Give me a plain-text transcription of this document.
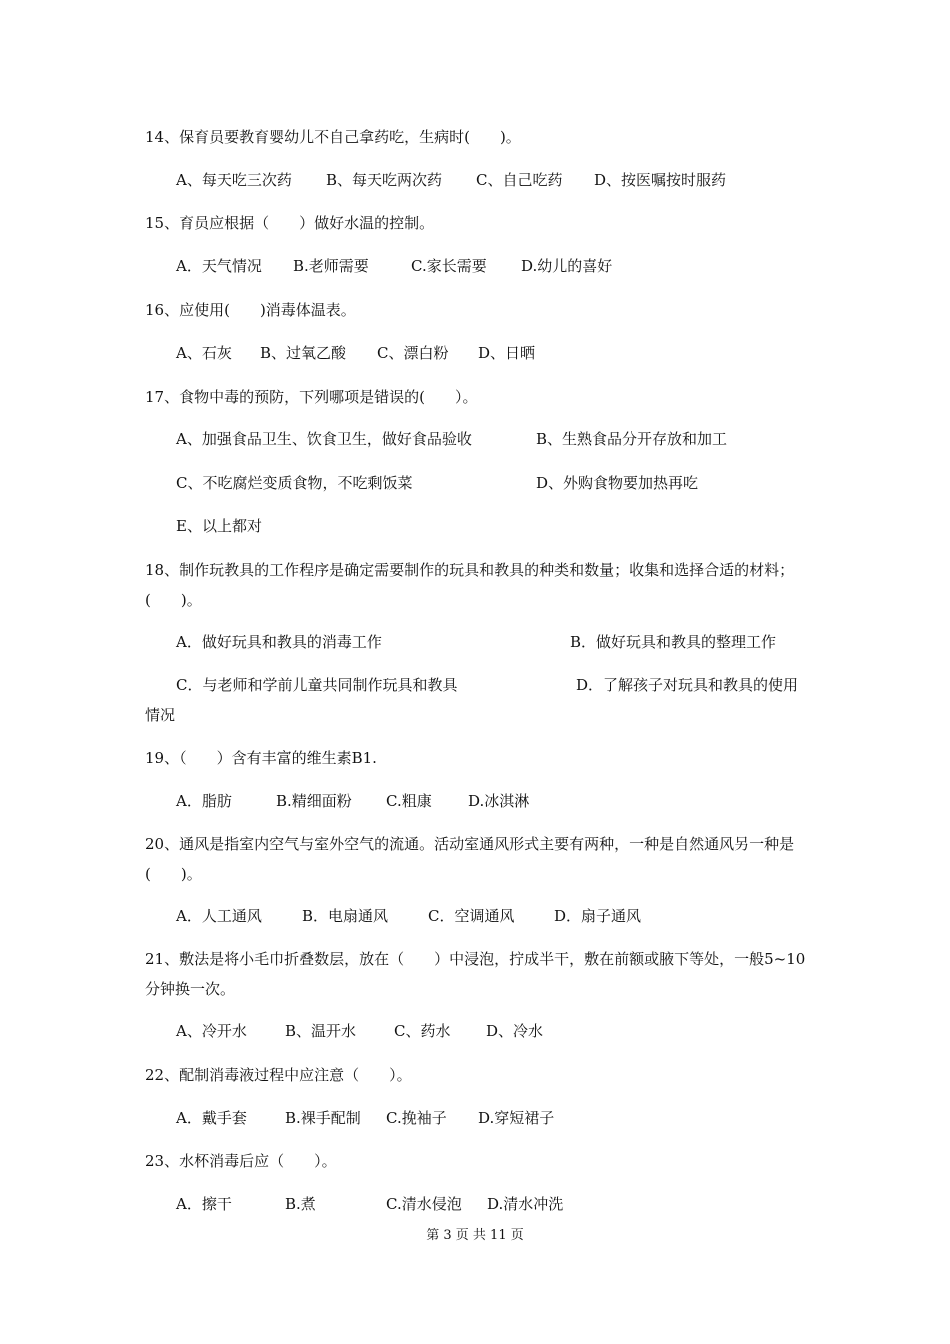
14、保育员要教育婴幼儿不自己拿药吃，生病时(　　)。
A、每天吃三次药 B、每天吃两次药 C、自己吃药 D、按医嘱按时服药
15、育员应根据（　　）做好水温的控制。
A．天气情况 B.老师需要	C.家长需要 D.幼儿的喜好
16、应使用(　　)消毒体温表。
A、石灰 B、过氧乙酸 C、漂白粉 D、日晒
17、食物中毒的预防，下列哪项是错误的(　　）。
A、加强食品卫生、饮食卫生，做好食品验收	B、生熟食品分开存放和加工
C、不吃腐烂变质食物，不吃剩饭菜	D、外购食物要加热再吃
E、以上都对
18、制作玩教具的工作程序是确定需要制作的玩具和教具的种类和数量；收集和选择合适的材料；(　　)。
A．做好玩具和教具的消毒工作	B．做好玩具和教具的整理工作
C．与老师和学前儿童共同制作玩具和教具	D．了解孩子对玩具和教具的使用情况
19、（　　）含有丰富的维生素B1.
A．脂肪	B.精细面粉 C.粗康 D.冰淇淋
20、通风是指室内空气与室外空气的流通。活动室通风形式主要有两种，一种是自然通风另一种是(　　)。
A．人工通风	B．电扇通风	C．空调通风	D．扇子通风
21、敷法是将小毛巾折叠数层，放在（　　）中浸泡，拧成半干，敷在前额或腋下等处，一般5~10分钟换一次。
A、冷开水	B、温开水	C、药水 D、冷水
22、配制消毒液过程中应注意（　　）。
A．戴手套	B.裸手配制 C.挽袖子 D.穿短裙子
23、水杯消毒后应（　　）。
A．擦干	B.煮	C.清水侵泡 D.清水冲洗
第 3 页 共 11 页
